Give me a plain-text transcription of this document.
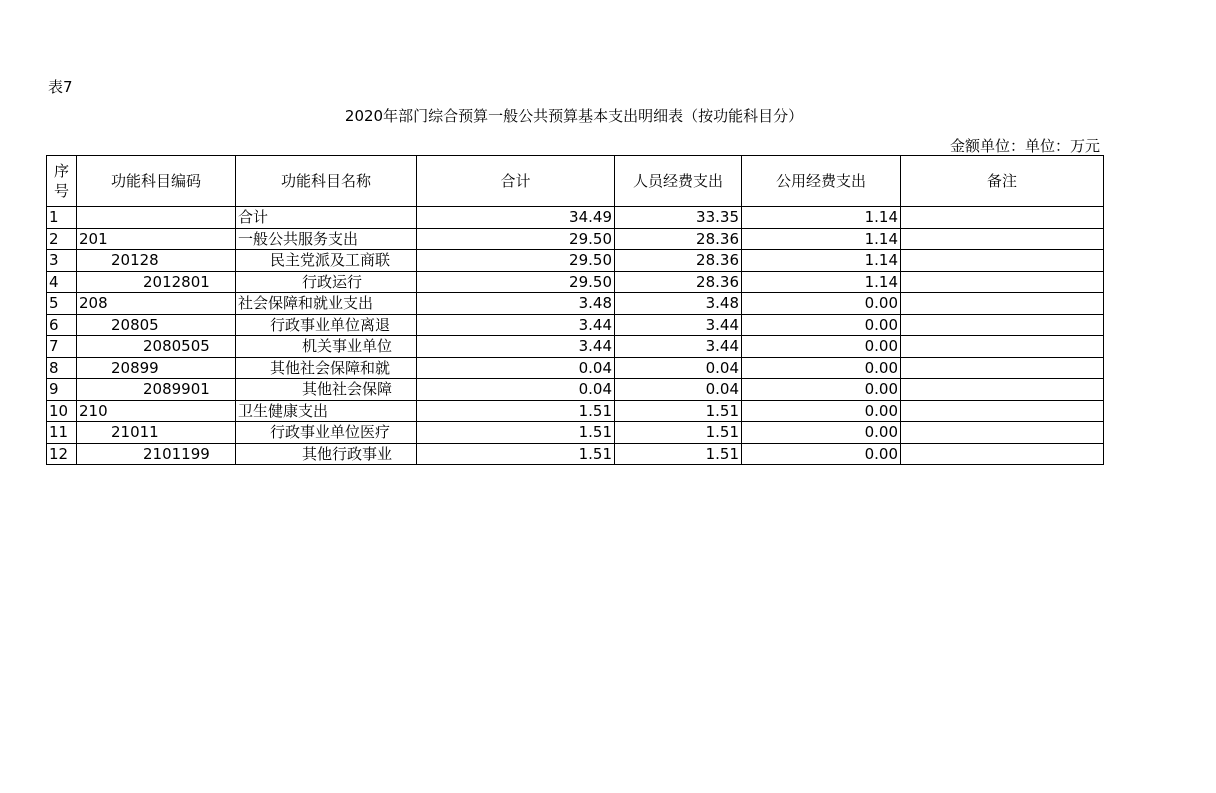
表7
2020年部门综合预算一般公共预算基本支出明细表（按功能科目分）
金额单位：单位：万元
序
号	功能科目编码	功能科目名称	合计	人员经费支出	公用经费支出	备注
1		合计	34.49	33.35	1.14	
2	201	一般公共服务支出	29.50	28.36	1.14	
3	20128	民主党派及工商联	29.50	28.36	1.14	
4	2012801	行政运行	29.50	28.36	1.14	
5	208	社会保障和就业支出	3.48	3.48	0.00	
6	20805	行政事业单位离退	3.44	3.44	0.00	
7	2080505	机关事业单位	3.44	3.44	0.00	
8	20899	其他社会保障和就	0.04	0.04	0.00	
9	2089901	其他社会保障	0.04	0.04	0.00	
10	210	卫生健康支出	1.51	1.51	0.00	
11	21011	行政事业单位医疗	1.51	1.51	0.00	
12	2101199	其他行政事业	1.51	1.51	0.00	
